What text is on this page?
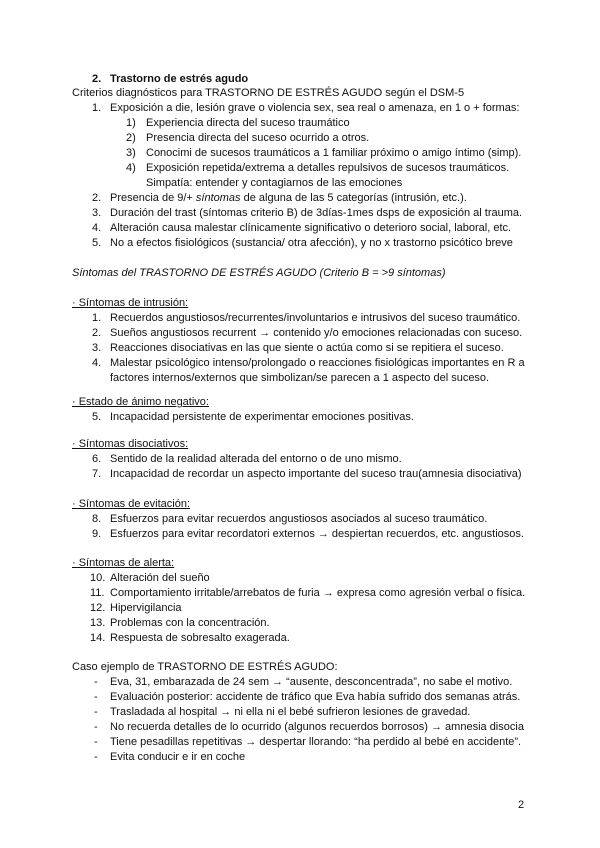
2. Trastorno de estrés agudo
Criterios diagnósticos para TRASTORNO DE ESTRÉS AGUDO según el DSM-5
1. Exposición a die, lesión grave o violencia sex, sea real o amenaza, en 1 o + formas:
1) Experiencia directa del suceso traumático
2) Presencia directa del suceso ocurrido a otros.
3) Conocimi de sucesos traumáticos a 1 familiar próximo o amigo íntimo (simp).
4) Exposición repetida/extrema a detalles repulsivos de sucesos traumáticos.
Simpatía: entender y contagiarnos de las emociones
2. Presencia de 9/+ síntomas de alguna de las 5 categorías (intrusión, etc.).
3. Duración del trast (síntomas criterio B) de 3días-1mes dsps de exposición al trauma.
4. Alteración causa malestar clínicamente significativo o deterioro social, laboral, etc.
5. No a efectos fisiológicos (sustancia/ otra afección), y no x trastorno psicótico breve
Síntomas del TRASTORNO DE ESTRÉS AGUDO (Criterio B = >9 síntomas)
· Síntomas de intrusión:
1. Recuerdos angustiosos/recurrentes/involuntarios e intrusivos del suceso traumático.
2. Sueños angustiosos recurrent → contenido y/o emociones relacionadas con suceso.
3. Reacciones disociativas en las que siente o actúa como si se repitiera el suceso.
4. Malestar psicológico intenso/prolongado o reacciones fisiológicas importantes en R a
factores internos/externos que simbolizan/se parecen a 1 aspecto del suceso.
· Estado de ánimo negativo:
5. Incapacidad persistente de experimentar emociones positivas.
· Síntomas disociativos:
6. Sentido de la realidad alterada del entorno o de uno mismo.
7. Incapacidad de recordar un aspecto importante del suceso trau(amnesia disociativa)
· Síntomas de evitación:
8. Esfuerzos para evitar recuerdos angustiosos asociados al suceso traumático.
9. Esfuerzos para evitar recordatori externos → despiertan recuerdos, etc. angustiosos.
· Síntomas de alerta:
10. Alteración del sueño
11. Comportamiento irritable/arrebatos de furia → expresa como agresión verbal o física.
12. Hipervigilancia
13. Problemas con la concentración.
14. Respuesta de sobresalto exagerada.
Caso ejemplo de TRASTORNO DE ESTRÉS AGUDO:
- Eva, 31, embarazada de 24 sem → “ausente, desconcentrada”, no sabe el motivo.
- Evaluación posterior: accidente de tráfico que Eva había sufrido dos semanas atrás.
- Trasladada al hospital → ni ella ni el bebé sufrieron lesiones de gravedad.
- No recuerda detalles de lo ocurrido (algunos recuerdos borrosos) → amnesia disocia
- Tiene pesadillas repetitivas → despertar llorando: “ha perdido al bebé en accidente”.
- Evita conducir e ir en coche
2
